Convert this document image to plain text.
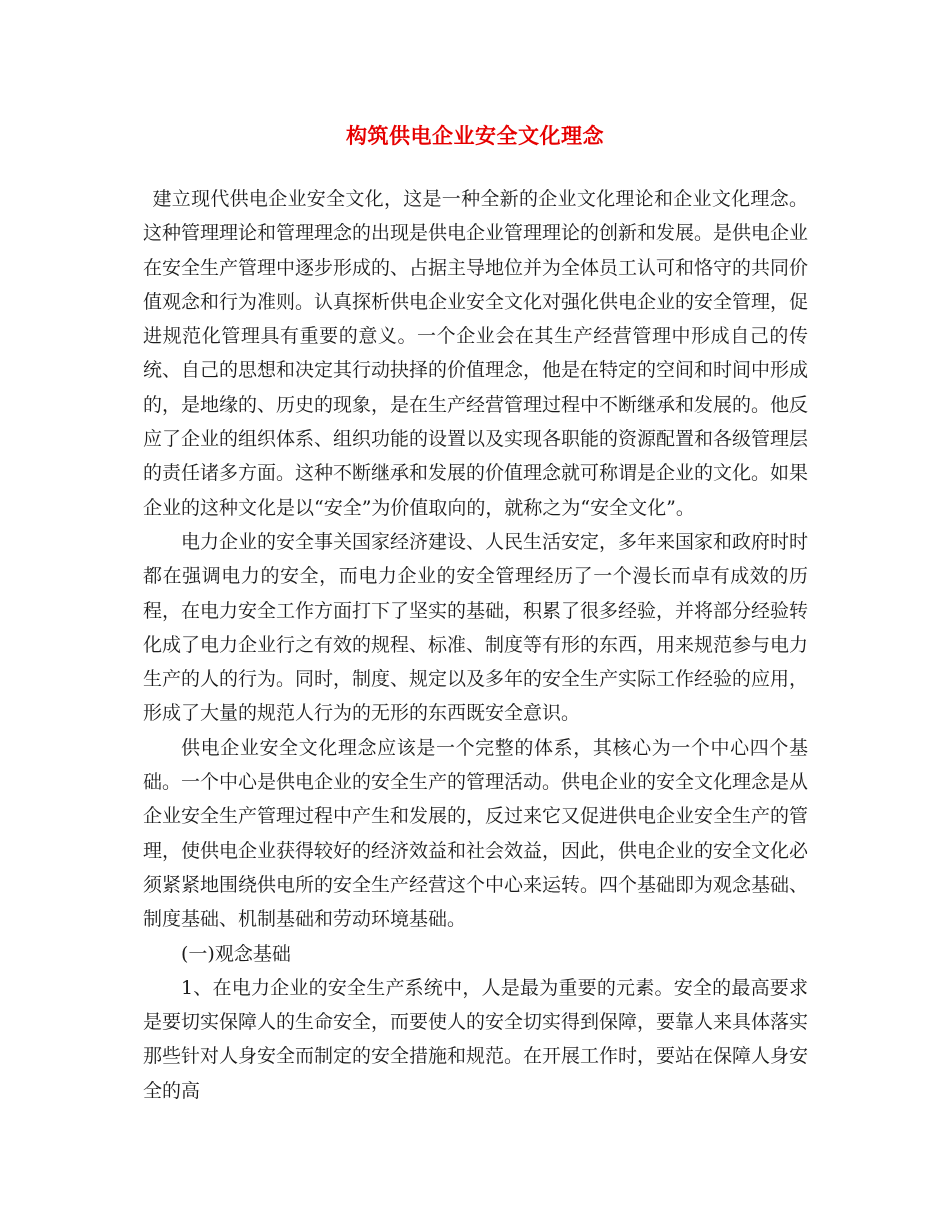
构筑供电企业安全文化理念

建立现代供电企业安全文化，这是一种全新的企业文化理论和企业文化理念。这种管理理论和管理理念的出现是供电企业管理理论的创新和发展。是供电企业在安全生产管理中逐步形成的、占据主导地位并为全体员工认可和恪守的共同价值观念和行为准则。认真探析供电企业安全文化对强化供电企业的安全管理，促进规范化管理具有重要的意义。一个企业会在其生产经营管理中形成自己的传统、自己的思想和决定其行动抉择的价值理念，他是在特定的空间和时间中形成的，是地缘的、历史的现象，是在生产经营管理过程中不断继承和发展的。他反应了企业的组织体系、组织功能的设置以及实现各职能的资源配置和各级管理层的责任诸多方面。这种不断继承和发展的价值理念就可称谓是企业的文化。如果企业的这种文化是以“安全”为价值取向的，就称之为“安全文化”。

电力企业的安全事关国家经济建设、人民生活安定，多年来国家和政府时时都在强调电力的安全，而电力企业的安全管理经历了一个漫长而卓有成效的历程，在电力安全工作方面打下了坚实的基础，积累了很多经验，并将部分经验转化成了电力企业行之有效的规程、标准、制度等有形的东西，用来规范参与电力生产的人的行为。同时，制度、规定以及多年的安全生产实际工作经验的应用，形成了大量的规范人行为的无形的东西既安全意识。

供电企业安全文化理念应该是一个完整的体系，其核心为一个中心四个基础。一个中心是供电企业的安全生产的管理活动。供电企业的安全文化理念是从企业安全生产管理过程中产生和发展的，反过来它又促进供电企业安全生产的管理，使供电企业获得较好的经济效益和社会效益，因此，供电企业的安全文化必须紧紧地围绕供电所的安全生产经营这个中心来运转。四个基础即为观念基础、制度基础、机制基础和劳动环境基础。

(一)观念基础

1、在电力企业的安全生产系统中，人是最为重要的元素。安全的最高要求是要切实保障人的生命安全，而要使人的安全切实得到保障，要靠人来具体落实那些针对人身安全而制定的安全措施和规范。在开展工作时，要站在保障人身安全的高
